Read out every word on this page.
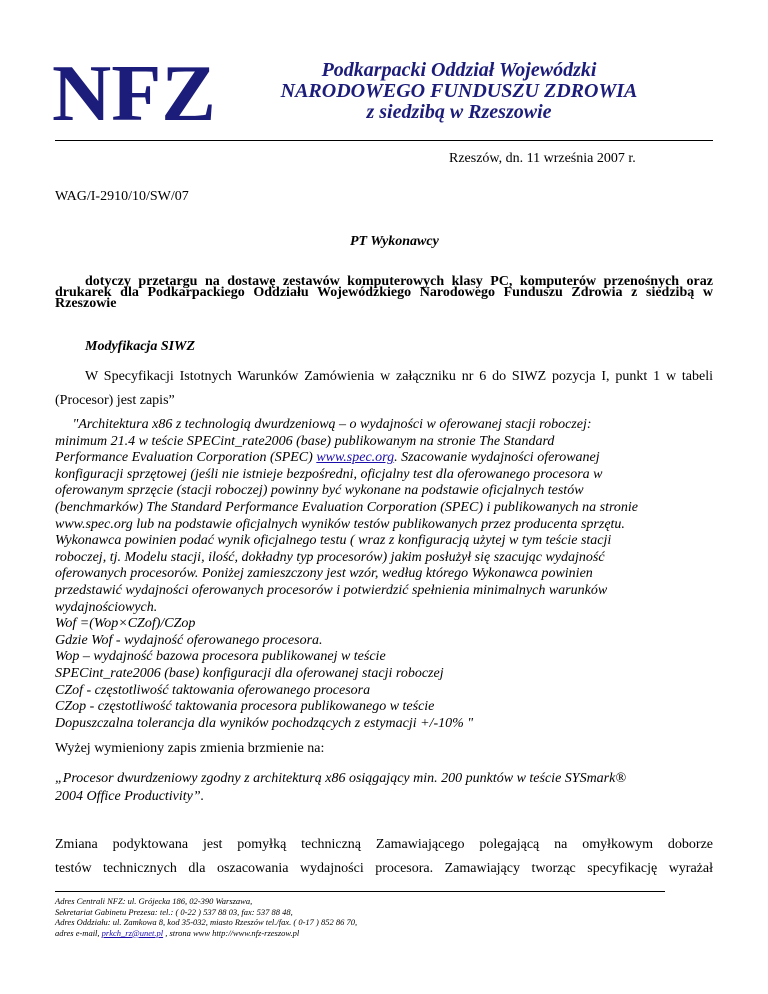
NFZ	Podkarpacki Oddział Wojewódzki
NARODOWEGO FUNDUSZU ZDROWIA
z siedzibą w Rzeszowie
Rzeszów, dn. 11 września 2007 r.
WAG/I-2910/10/SW/07
PT Wykonawcy
dotyczy przetargu na dostawę zestawów komputerowych klasy PC, komputerów przenośnych oraz drukarek dla Podkarpackiego Oddziału Wojewódzkiego Narodowego Funduszu Zdrowia z siedzibą w Rzeszowie
Modyfikacja SIWZ
W Specyfikacji Istotnych Warunków Zamówienia w załączniku nr 6 do SIWZ pozycja I, punkt 1 w tabeli (Procesor) jest zapis”
"Architektura x86 z technologią dwurdzeniową – o wydajności w oferowanej stacji roboczej:
minimum 21.4 w teście SPECint_rate2006 (base) publikowanym na stronie The Standard
Performance Evaluation Corporation (SPEC) www.spec.org. Szacowanie wydajności oferowanej
konfiguracji sprzętowej (jeśli nie istnieje bezpośredni, oficjalny test dla oferowanego procesora w
oferowanym sprzęcie (stacji roboczej) powinny być wykonane na podstawie oficjalnych testów
(benchmarków) The Standard Performance Evaluation Corporation (SPEC) i publikowanych na stronie
www.spec.org lub na podstawie oficjalnych wyników testów publikowanych przez producenta sprzętu.
Wykonawca powinien podać wynik oficjalnego testu ( wraz z konfiguracją użytej w tym teście stacji
roboczej, tj. Modelu stacji, ilość, dokładny typ procesorów) jakim posłużył się szacując wydajność
oferowanych procesorów. Poniżej zamieszczony jest wzór, według którego Wykonawca powinien
przedstawić wydajności oferowanych procesorów i potwierdzić spełnienia minimalnych warunków
wydajnościowych.
Wof =(Wop×CZof)/CZop
Gdzie Wof - wydajność oferowanego procesora.
Wop – wydajność bazowa procesora publikowanej w teście
SPECint_rate2006 (base) konfiguracji dla oferowanej stacji roboczej
CZof - częstotliwość taktowania oferowanego procesora
CZop - częstotliwość taktowania procesora publikowanego w teście
Dopuszczalna tolerancja dla wyników pochodzących z estymacji +/-10% "
Wyżej wymieniony zapis zmienia brzmienie na:
„Procesor dwurdzeniowy zgodny z architekturą x86 osiągający min. 200 punktów w teście SYSmark®
2004 Office Productivity”.
Zmiana podyktowana jest pomyłką techniczną Zamawiającego polegającą na omyłkowym doborze
testów technicznych dla oszacowania wydajności procesora. Zamawiający tworząc specyfikację wyrażał
Adres Centrali NFZ: ul. Grójecka 186, 02-390 Warszawa,
Sekretariat Gabinetu Prezesa: tel.: ( 0-22 ) 537 88 03, fax: 537 88 48,
Adres Oddziału: ul. Zamkowa 8, kod 35-032, miasto Rzeszów tel./fax. ( 0-17 ) 852 86 70,
adres e-mail, prkch_rz@unet.pl , strona www http://www.nfz-rzeszow.pl
